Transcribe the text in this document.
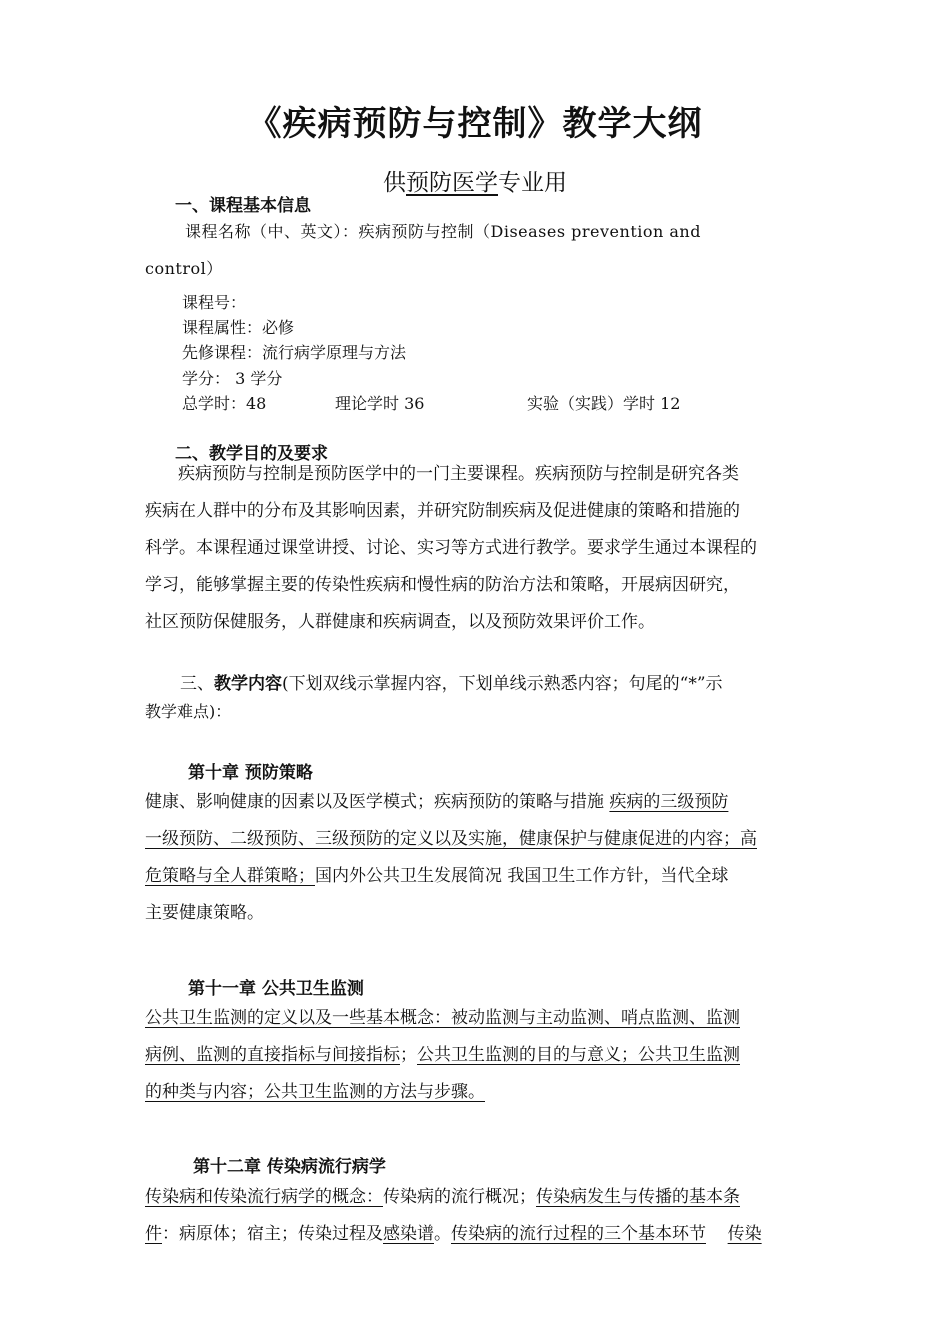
《疾病预防与控制》教学大纲
供预防医学专业用
一、课程基本信息
课程名称（中、英文）：疾病预防与控制（Diseases prevention and
control）
课程号：
课程属性：必修
先修课程：流行病学原理与方法
学分： 3 学分
总学时：48	理论学时 36	实验（实践）学时 12
二、教学目的及要求
疾病预防与控制是预防医学中的一门主要课程。疾病预防与控制是研究各类
疾病在人群中的分布及其影响因素，并研究防制疾病及促进健康的策略和措施的
科学。本课程通过课堂讲授、讨论、实习等方式进行教学。要求学生通过本课程的
学习，能够掌握主要的传染性疾病和慢性病的防治方法和策略，开展病因研究，
社区预防保健服务，人群健康和疾病调查，以及预防效果评价工作。
三、教学内容(下划双线示掌握内容，下划单线示熟悉内容；句尾的“*”示
教学难点)：
第十章 预防策略
健康、影响健康的因素以及医学模式；疾病预防的策略与措施 疾病的三级预防
一级预防、二级预防、三级预防的定义以及实施，健康保护与健康促进的内容；高
危策略与全人群策略；国内外公共卫生发展简况 我国卫生工作方针，当代全球
主要健康策略。
第十一章 公共卫生监测
公共卫生监测的定义以及一些基本概念：被动监测与主动监测、哨点监测、监测
病例、监测的直接指标与间接指标；公共卫生监测的目的与意义；公共卫生监测
的种类与内容；公共卫生监测的方法与步骤。
第十二章 传染病流行病学
传染病和传染流行病学的概念：传染病的流行概况；传染病发生与传播的基本条
件：病原体；宿主；传染过程及感染谱。传染病的流行过程的三个基本环节 传染
